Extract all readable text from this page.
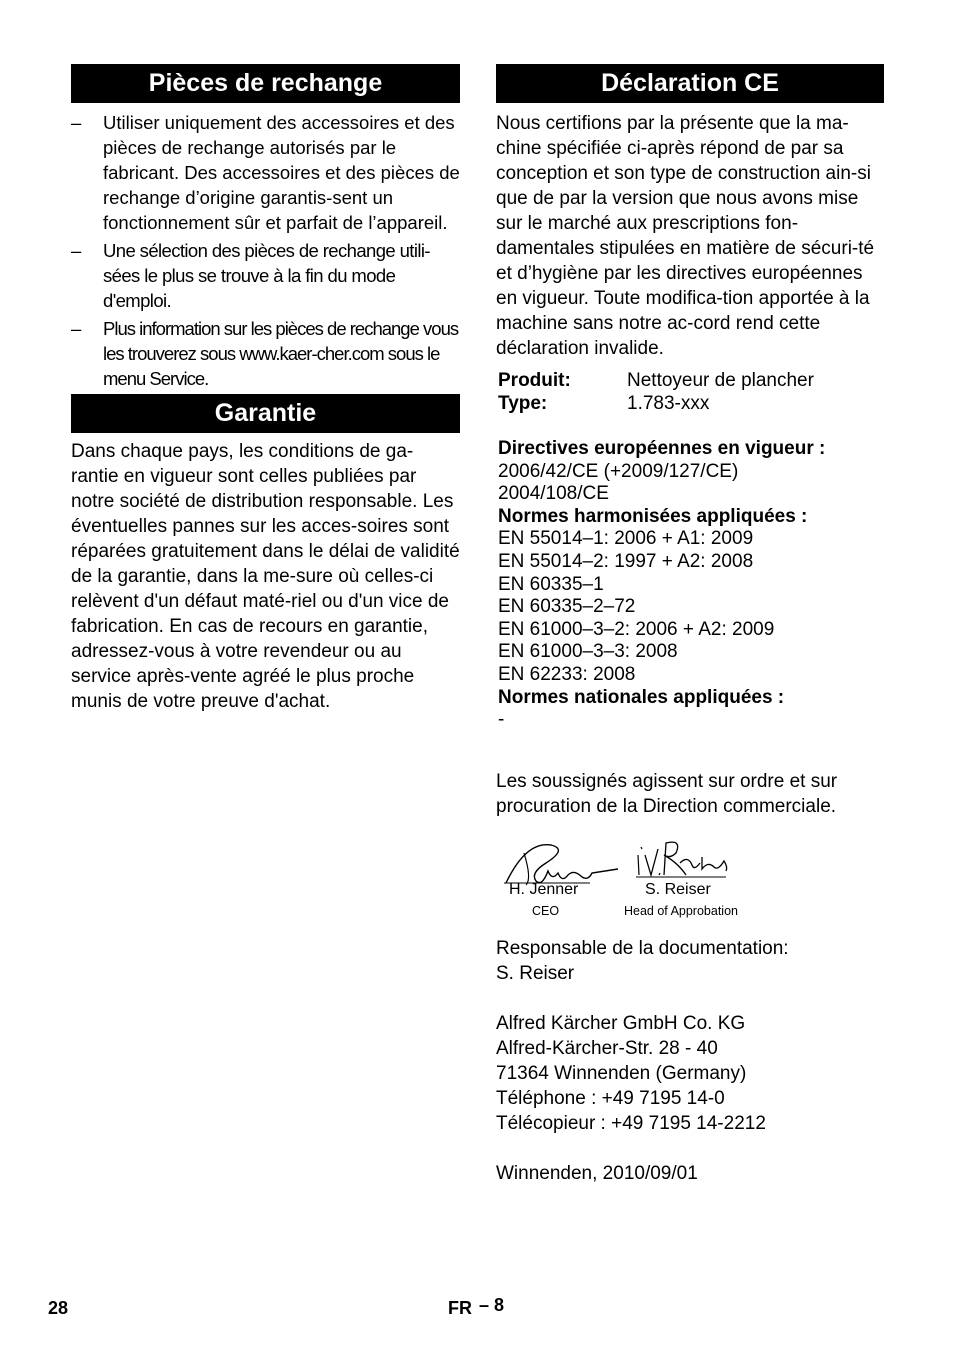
Pièces de rechange
– Utiliser uniquement des accessoires et des pièces de rechange autorisés par le fabricant. Des accessoires et des pièces de rechange d’origine garantis-sent un fonctionnement sûr et parfait de l’appareil.
– Une sélection des pièces de rechange utili-sées le plus se trouve à la fin du mode d'emploi.
– Plus information sur les pièces de rechange vous les trouverez sous www.kaer-cher.com sous le menu Service.
Garantie

Dans chaque pays, les conditions de ga-rantie en vigueur sont celles publiées par notre société de distribution responsable. Les éventuelles pannes sur les acces-soires sont réparées gratuitement dans le délai de validité de la garantie, dans la me-sure où celles-ci relèvent d'un défaut maté-riel ou d'un vice de fabrication. En cas de recours en garantie, adressez-vous à votre revendeur ou au service après-vente agréé le plus proche munis de votre preuve d'achat.

Déclaration CE

Nous certifions par la présente que la ma-chine spécifiée ci-après répond de par sa conception et son type de construction ain-si que de par la version que nous avons mise sur le marché aux prescriptions fon-damentales stipulées en matière de sécuri-té et d’hygiène par les directives européennes en vigueur. Toute modifica-tion apportée à la machine sans notre ac-cord rend cette déclaration invalide.

Produit:	Nettoyeur de plancher
Type:	1.783-xxx
Directives européennes en vigueur :
2006/42/CE (+2009/127/CE)
2004/108/CE
Normes harmonisées appliquées :
EN 55014–1: 2006 + A1: 2009
EN 55014–2: 1997 + A2: 2008
EN 60335–1
EN 60335–2–72
EN 61000–3–2: 2006 + A2: 2009
EN 61000–3–3: 2008
EN 62233: 2008
Normes nationales appliquées :
-

Les soussignés agissent sur ordre et sur procuration de la Direction commerciale.

H. Jenner
CEO
S. Reiser
Head of Approbation
Responsable de la documentation:
S. Reiser
Alfred Kärcher GmbH Co. KG
Alfred-Kärcher-Str. 28 - 40
71364 Winnenden (Germany)
Téléphone : +49 7195 14-0
Télécopieur : +49 7195 14-2212
Winnenden, 2010/09/01
28	FR – 8
